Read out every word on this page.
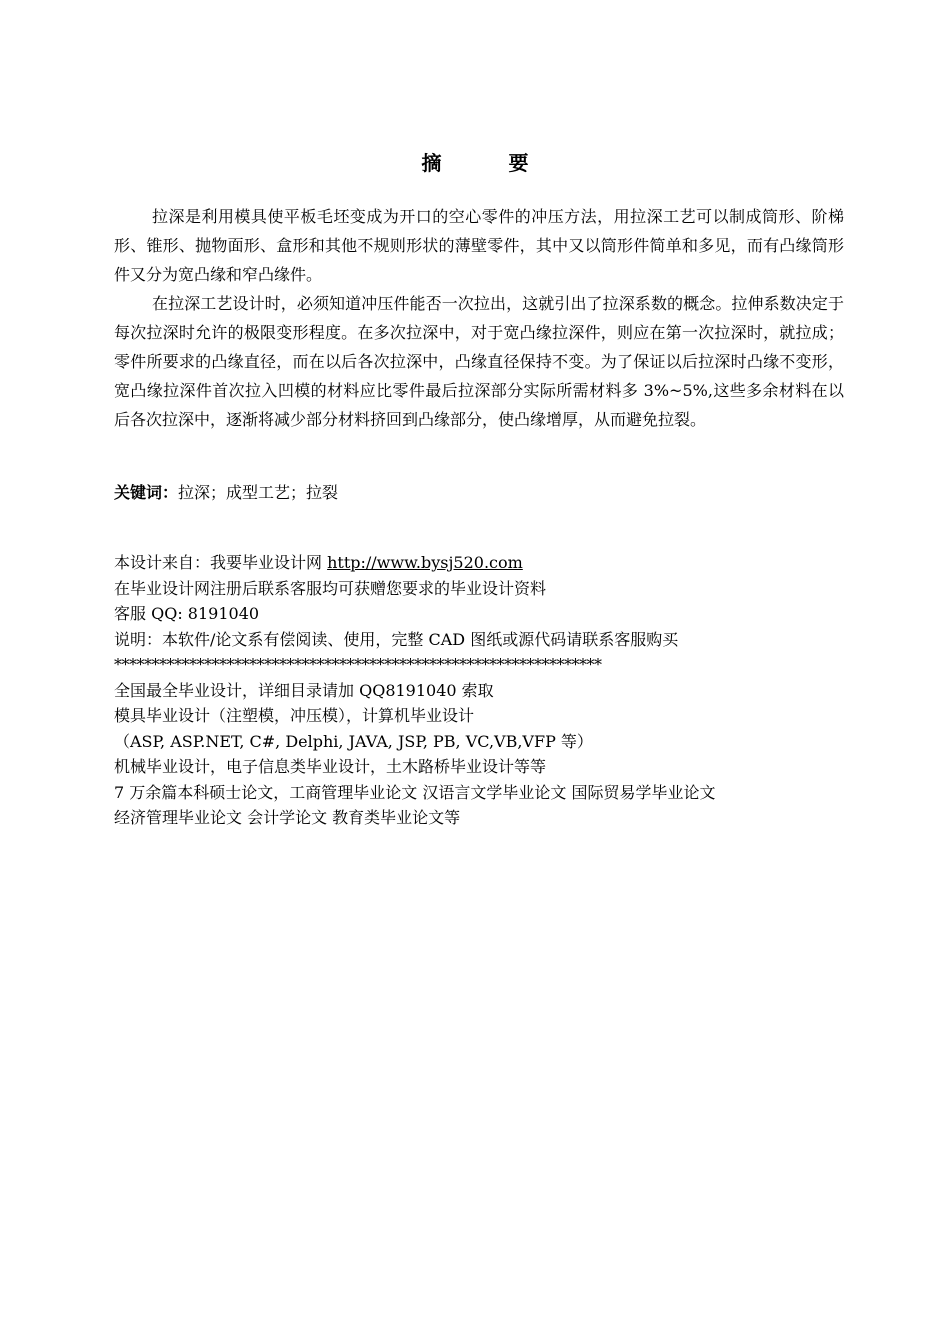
摘 要

拉深是利用模具使平板毛坯变成为开口的空心零件的冲压方法，用拉深工艺可以制成筒形、阶梯形、锥形、抛物面形、盒形和其他不规则形状的薄壁零件，其中又以筒形件简单和多见，而有凸缘筒形件又分为宽凸缘和窄凸缘件。

在拉深工艺设计时，必须知道冲压件能否一次拉出，这就引出了拉深系数的概念。拉伸系数决定于每次拉深时允许的极限变形程度。在多次拉深中，对于宽凸缘拉深件，则应在第一次拉深时，就拉成；零件所要求的凸缘直径，而在以后各次拉深中，凸缘直径保持不变。为了保证以后拉深时凸缘不变形，宽凸缘拉深件首次拉入凹模的材料应比零件最后拉深部分实际所需材料多 3%~5%,这些多余材料在以后各次拉深中，逐渐将减少部分材料挤回到凸缘部分，使凸缘增厚，从而避免拉裂。

关键词：拉深；成型工艺；拉裂
本设计来自：我要毕业设计网 http://www.bysj520.com
在毕业设计网注册后联系客服均可获赠您要求的毕业设计资料
客服 QQ: 8191040
说明：本软件/论文系有偿阅读、使用，完整 CAD 图纸或源代码请联系客服购买
*****************************************************************
全国最全毕业设计，详细目录请加 QQ8191040 索取
模具毕业设计（注塑模，冲压模），计算机毕业设计
（ASP, ASP.NET, C#, Delphi, JAVA, JSP, PB, VC,VB,VFP 等）
机械毕业设计，电子信息类毕业设计，土木路桥毕业设计等等
7 万余篇本科硕士论文，工商管理毕业论文 汉语言文学毕业论文 国际贸易学毕业论文
经济管理毕业论文 会计学论文 教育类毕业论文等
